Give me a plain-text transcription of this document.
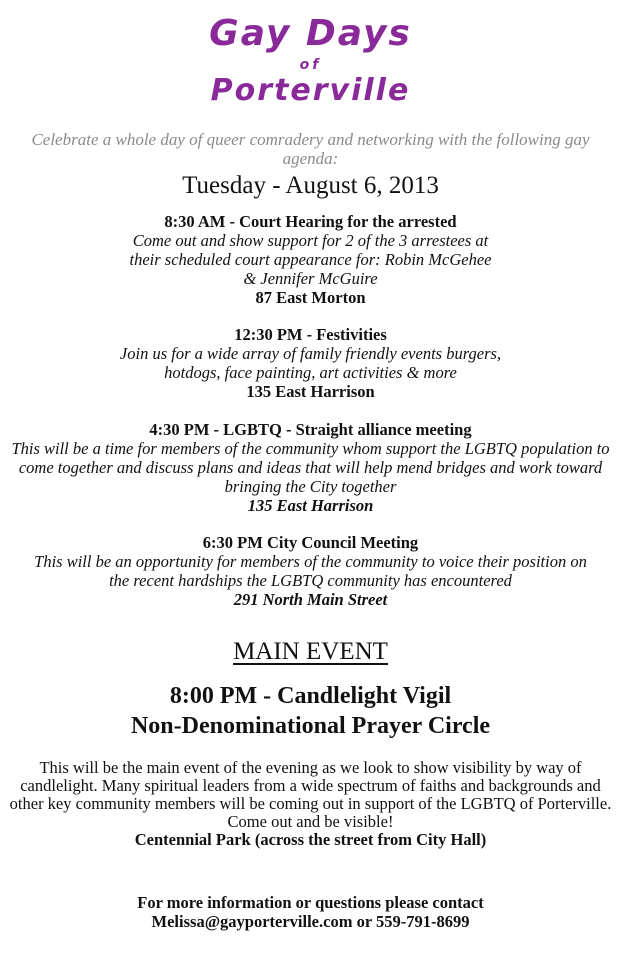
Gay Days
of
Porterville
Celebrate a whole day of queer comradery and networking with the following gay agenda:
Tuesday - August 6, 2013
8:30 AM - Court Hearing for the arrested
Come out and show support for 2 of the 3 arrestees at their scheduled court appearance for: Robin McGehee & Jennifer McGuire
87 East Morton
12:30 PM - Festivities
Join us for a wide array of family friendly events burgers, hotdogs, face painting, art activities & more
135 East Harrison
4:30 PM - LGBTQ - Straight alliance meeting
This will be a time for members of the community whom support the LGBTQ population to come together and discuss plans and ideas that will help mend bridges and work toward bringing the City together
135 East Harrison
6:30 PM City Council Meeting
This will be an opportunity for members of the community to voice their position on the recent hardships the LGBTQ community has encountered
291 North Main Street
MAIN EVENT
8:00 PM - Candlelight Vigil
Non-Denominational Prayer Circle
This will be the main event of the evening as we look to show visibility by way of candlelight. Many spiritual leaders from a wide spectrum of faiths and backgrounds and other key community members will be coming out in support of the LGBTQ of Porterville. Come out and be visible!
Centennial Park (across the street from City Hall)
For more information or questions please contact
Melissa@gayporterville.com or 559-791-8699
